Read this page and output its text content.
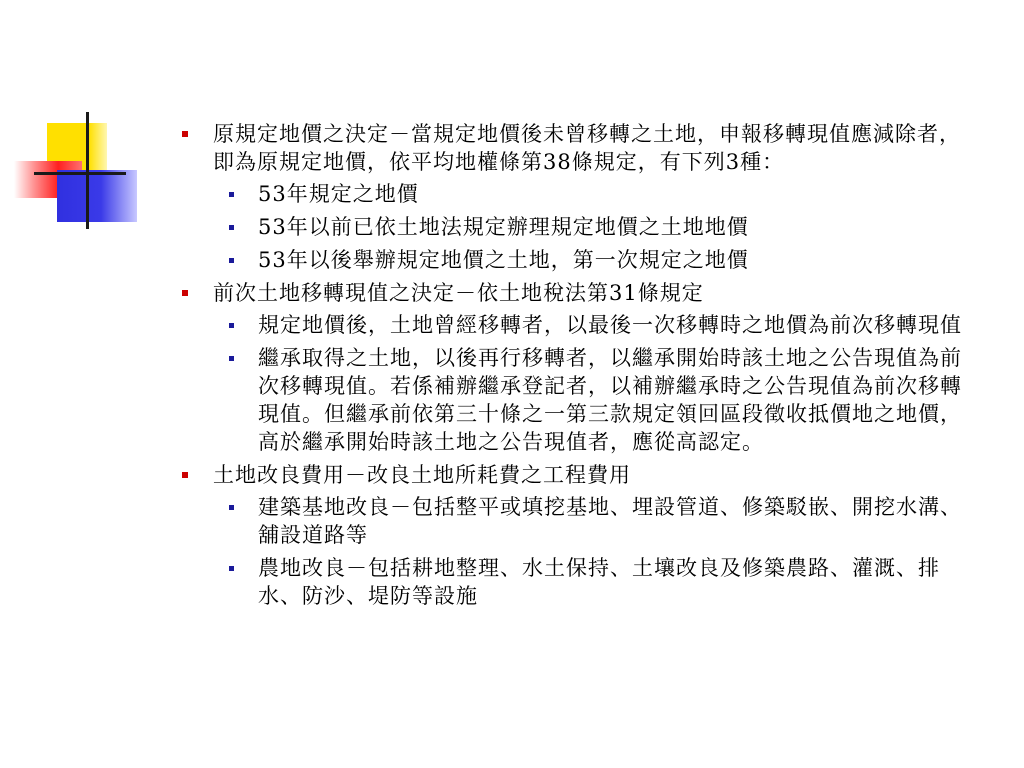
原規定地價之決定－當規定地價後未曾移轉之土地，申報移轉現值應減除者，即為原規定地價，依平均地權條第38條規定，有下列3種：
53年規定之地價
53年以前已依土地法規定辦理規定地價之土地地價
53年以後舉辦規定地價之土地，第一次規定之地價
前次土地移轉現值之決定－依土地稅法第31條規定
規定地價後，土地曾經移轉者，以最後一次移轉時之地價為前次移轉現值
繼承取得之土地，以後再行移轉者，以繼承開始時該土地之公告現值為前次移轉現值。若係補辦繼承登記者，以補辦繼承時之公告現值為前次移轉現值。但繼承前依第三十條之一第三款規定領回區段徵收抵價地之地價，高於繼承開始時該土地之公告現值者，應從高認定。
土地改良費用－改良土地所耗費之工程費用
建築基地改良－包括整平或填挖基地、埋設管道、修築駁嵌、開挖水溝、舖設道路等
農地改良－包括耕地整理、水土保持、土壤改良及修築農路、灌溉、排水、防沙、堤防等設施
